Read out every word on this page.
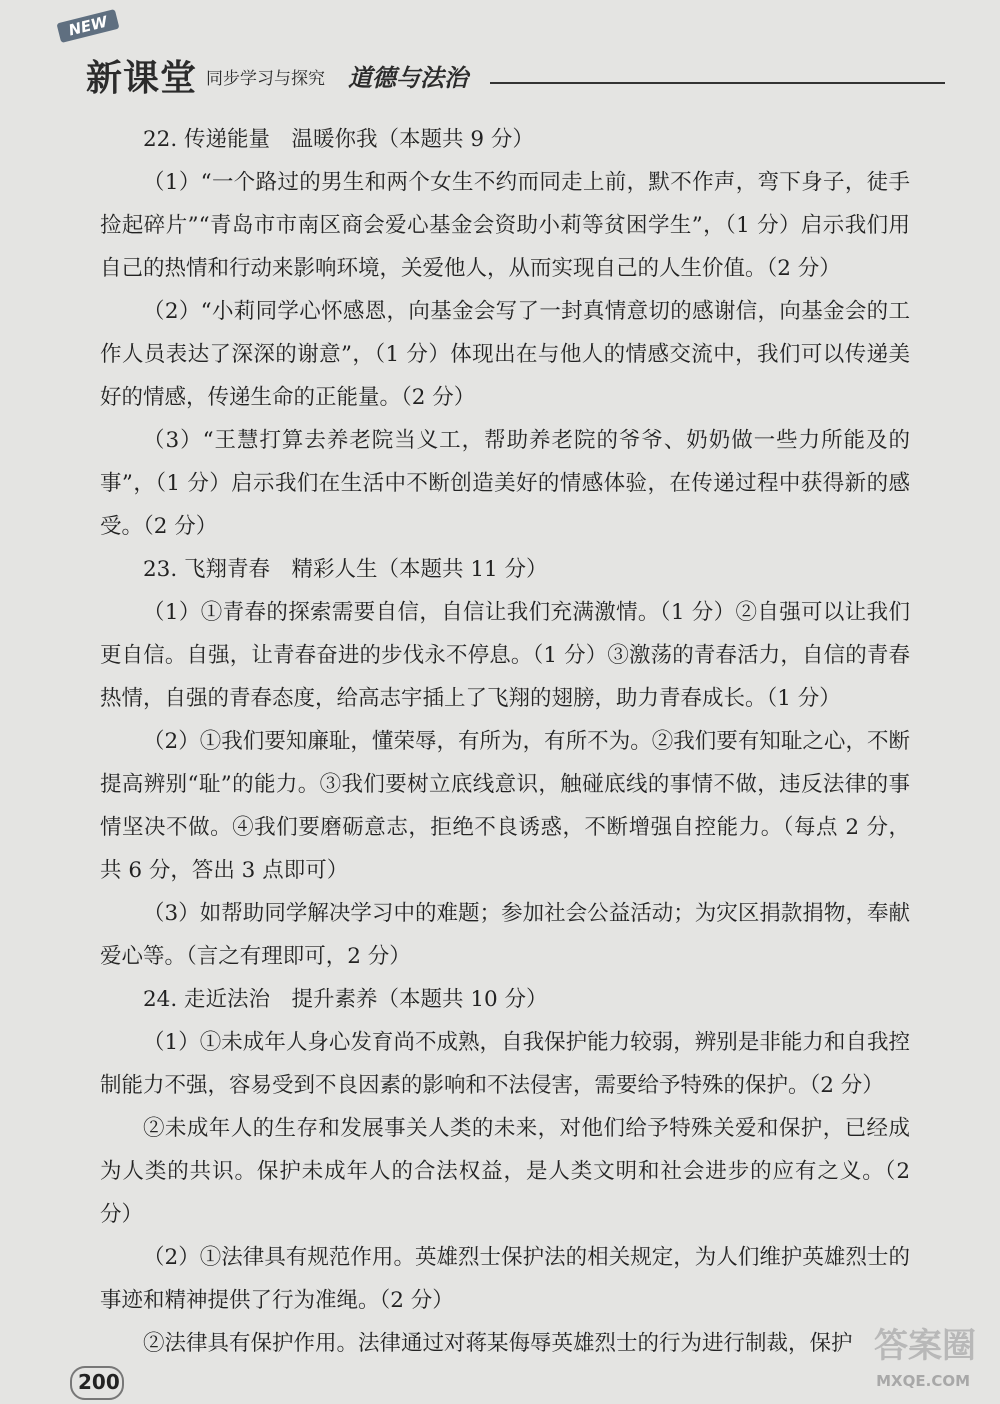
NEW
新课堂 同步学习与探究 道德与法治

22. 传递能量　温暖你我（本题共 9 分）

（1）“一个路过的男生和两个女生不约而同走上前，默不作声，弯下身子，徒手捡起碎片”“青岛市市南区商会爱心基金会资助小莉等贫困学生”，（1 分）启示我们用自己的热情和行动来影响环境，关爱他人，从而实现自己的人生价值。（2 分）

（2）“小莉同学心怀感恩，向基金会写了一封真情意切的感谢信，向基金会的工作人员表达了深深的谢意”，（1 分）体现出在与他人的情感交流中，我们可以传递美好的情感，传递生命的正能量。（2 分）

（3）“王慧打算去养老院当义工，帮助养老院的爷爷、奶奶做一些力所能及的事”，（1 分）启示我们在生活中不断创造美好的情感体验，在传递过程中获得新的感受。（2 分）

23. 飞翔青春　精彩人生（本题共 11 分）

（1）①青春的探索需要自信，自信让我们充满激情。（1 分）②自强可以让我们更自信。自强，让青春奋进的步伐永不停息。（1 分）③激荡的青春活力，自信的青春热情，自强的青春态度，给高志宇插上了飞翔的翅膀，助力青春成长。（1 分）

（2）①我们要知廉耻，懂荣辱，有所为，有所不为。②我们要有知耻之心，不断提高辨别“耻”的能力。③我们要树立底线意识，触碰底线的事情不做，违反法律的事情坚决不做。④我们要磨砺意志，拒绝不良诱惑，不断增强自控能力。（每点 2 分，共 6 分，答出 3 点即可）

（3）如帮助同学解决学习中的难题；参加社会公益活动；为灾区捐款捐物，奉献爱心等。（言之有理即可，2 分）

24. 走近法治　提升素养（本题共 10 分）

（1）①未成年人身心发育尚不成熟，自我保护能力较弱，辨别是非能力和自我控制能力不强，容易受到不良因素的影响和不法侵害，需要给予特殊的保护。（2 分）

②未成年人的生存和发展事关人类的未来，对他们给予特殊关爱和保护，已经成为人类的共识。保护未成年人的合法权益，是人类文明和社会进步的应有之义。（2 分）

（2）①法律具有规范作用。英雄烈士保护法的相关规定，为人们维护英雄烈士的事迹和精神提供了行为准绳。（2 分）

②法律具有保护作用。法律通过对蒋某侮辱英雄烈士的行为进行制裁，保护

200
答案圈
MXQE.COM
